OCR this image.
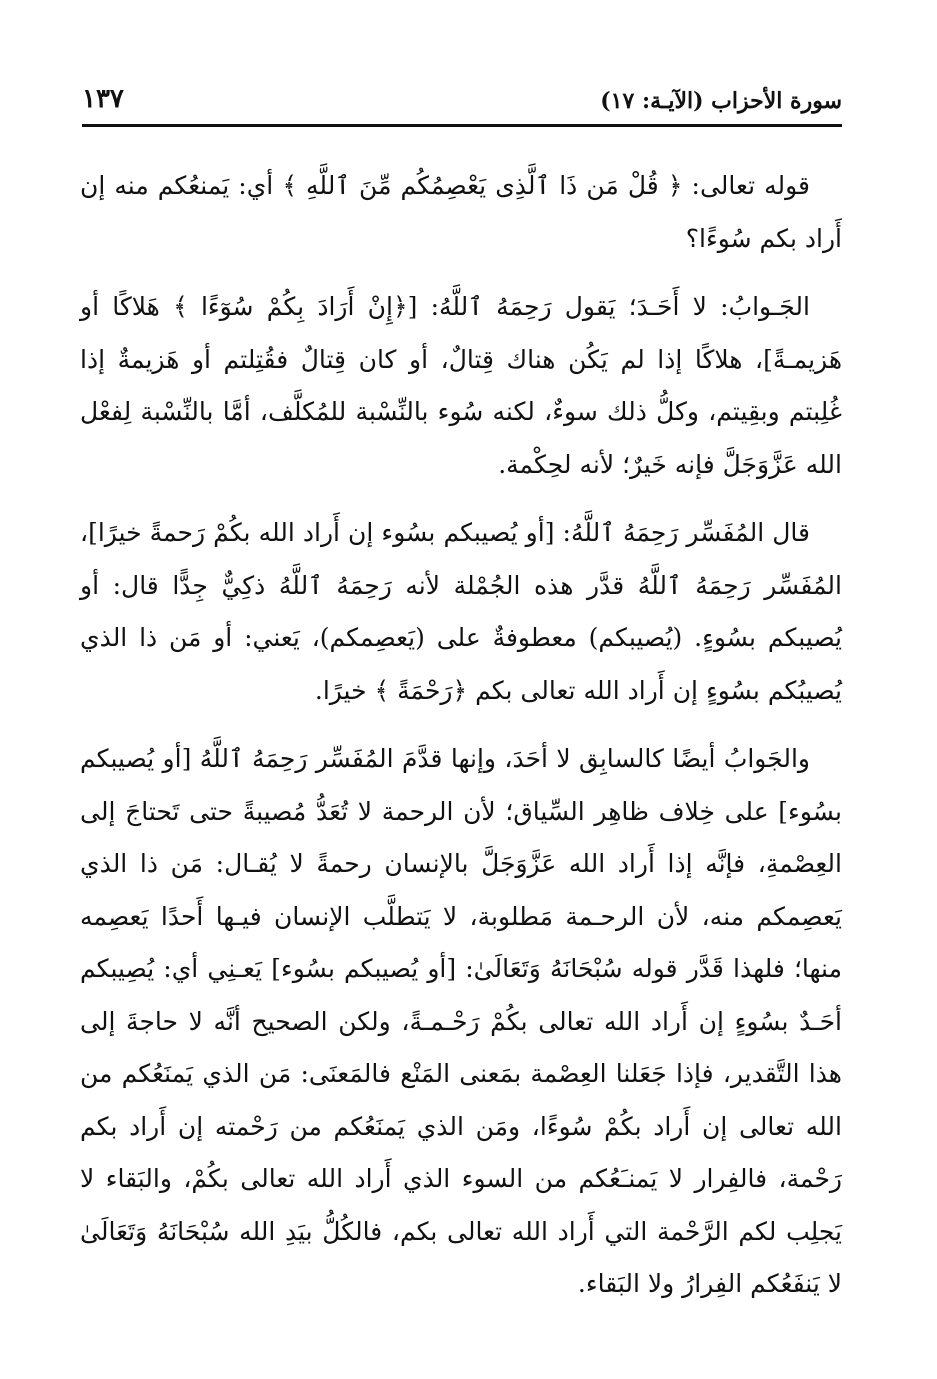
سورة الأحزاب (الآيـة: ١٧)
١٣٧

قوله تعالى: ﴿ قُلْ مَن ذَا ٱلَّذِى يَعْصِمُكُم مِّنَ ٱللَّهِ ﴾ أي: يَمنعُكم منه إن أَراد بكم سُوءًا؟

الجَـوابُ: لا أَحَـدَ؛ يَقول رَحِمَهُ ٱللَّهُ: [﴿إِنْ أَرَادَ بِكُمْ سُوٓءًا ﴾ هَلاكًا أو هَزيمـةً]، هلاكًا إذا لم يَكُن هناك قِتالٌ، أو كان قِتالٌ فقُتِلتم أو هَزيمةٌ إذا غُلِبتم وبقِيتم، وكلُّ ذلك سوءٌ، لكنه سُوء بالنِّسْبة للمُكلَّف، أمَّا بالنِّسْبة لِفعْل الله عَزَّوَجَلَّ فإنه خَيرٌ؛ لأنه لحِكْمة.

قال المُفَسِّر رَحِمَهُ ٱللَّهُ: [أو يُصيبكم بسُوء إن أَراد الله بكُمْ رَحمةً خيرًا]، المُفَسِّر رَحِمَهُ ٱللَّهُ قدَّر هذه الجُمْلة لأنه رَحِمَهُ ٱللَّهُ ذكِيٌّ جِدًّا قال: أو يُصيبكم بسُوءٍ. (يُصيبكم) معطوفةٌ على (يَعصِمكم)، يَعني: أو مَن ذا الذي يُصيبُكم بسُوءٍ إن أَراد الله تعالى بكم ﴿رَحْمَةً ﴾ خيرًا.

والجَوابُ أيضًا كالسابِق لا أحَدَ، وإنها قدَّمَ المُفَسِّر رَحِمَهُ ٱللَّهُ [أو يُصيبكم بسُوء] على خِلاف ظاهِر السِّياق؛ لأن الرحمة لا تُعَدُّ مُصيبةً حتى تَحتاجَ إلى العِصْمةِ، فإنَّه إذا أَراد الله عَزَّوَجَلَّ بالإنسان رحمةً لا يُقـال: مَن ذا الذي يَعصِمكم منه، لأن الرحـمة مَطلوبة، لا يَتطلَّب الإنسان فيـها أَحدًا يَعصِمه منها؛ فلهذا قَدَّر قوله سُبْحَانَهُ وَتَعَالَىٰ: [أو يُصيبكم بسُوء] يَعـنِي أي: يُصِيبكم أحَـدٌ بسُوءٍ إن أَراد الله تعالى بكُمْ رَحْـمـةً، ولكن الصحيح أنَّه لا حاجةَ إلى هذا التَّقدير، فإذا جَعَلنا العِصْمة بمَعنى المَنْع فالمَعنَى: مَن الذي يَمنَعُكم من الله تعالى إن أَراد بكُمْ سُوءًا، ومَن الذي يَمنَعُكم من رَحْمته إن أَراد بكم رَحْمة، فالفِرار لا يَمنـَعُكم من السوء الذي أَراد الله تعالى بكُمْ، والبَقاء لا يَجلِب لكم الرَّحْمة التي أَراد الله تعالى بكم، فالكُلُّ بيَدِ الله سُبْحَانَهُ وَتَعَالَىٰ لا يَنفَعُكم الفِرارُ ولا البَقاء.
